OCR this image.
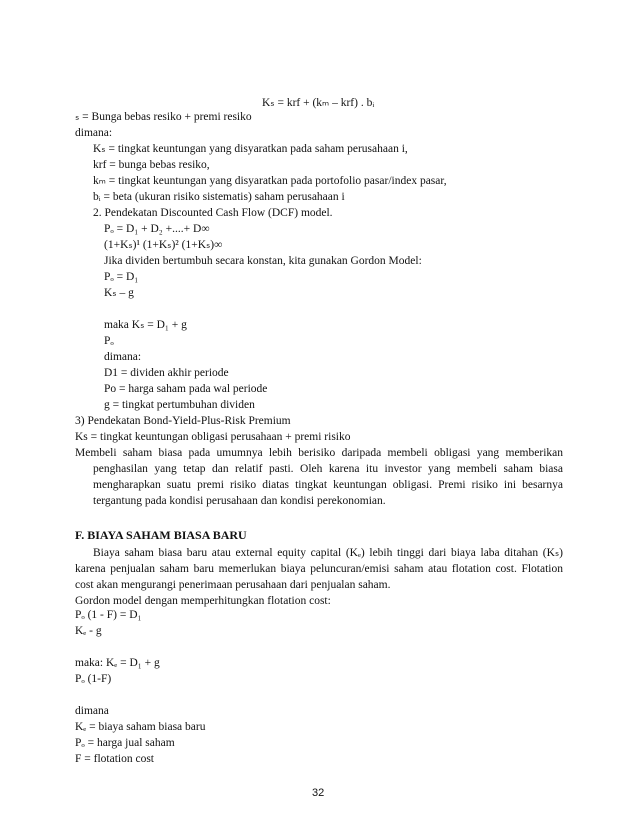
Kₛ = krf + (kₘ – krf) . bᵢ
ₛ = Bunga bebas resiko + premi resiko
dimana:
Kₛ = tingkat keuntungan yang disyaratkan pada saham perusahaan i,
krf = bunga bebas resiko,
kₘ = tingkat keuntungan yang disyaratkan pada portofolio pasar/index pasar,
bᵢ = beta (ukuran risiko sistematis) saham perusahaan i
2. Pendekatan Discounted Cash Flow (DCF) model.
Pₒ = D₁ + D₂ +....+ D∞
(1+Kₛ)¹ (1+Kₛ)² (1+Kₛ)∞
Jika dividen bertumbuh secara konstan, kita gunakan Gordon Model:
Pₒ = D₁
Kₛ – g
maka Kₛ = D₁ + g
Pₒ
dimana:
D1 = dividen akhir periode
Po = harga saham pada wal periode
g = tingkat pertumbuhan dividen
3) Pendekatan Bond-Yield-Plus-Risk Premium
Ks = tingkat keuntungan obligasi perusahaan + premi risiko
Membeli saham biasa pada umumnya lebih berisiko daripada membeli obligasi yang memberikan
penghasilan yang tetap dan relatif pasti. Oleh karena itu investor yang membeli saham biasa
mengharapkan suatu premi risiko diatas tingkat keuntungan obligasi. Premi risiko ini besarnya
tergantung pada kondisi perusahaan dan kondisi perekonomian.
F. BIAYA SAHAM BIASA BARU
Biaya saham biasa baru atau external equity capital (Kₑ) lebih tinggi dari biaya laba ditahan (Kₛ)
karena penjualan saham baru memerlukan biaya peluncuran/emisi saham atau flotation cost. Flotation
cost akan mengurangi penerimaan perusahaan dari penjualan saham.
Gordon model dengan memperhitungkan flotation cost:
Pₒ (1 - F) = D₁
Kₑ - g
maka: Kₑ = D₁ + g
Pₒ (1-F)
dimana
Kₑ = biaya saham biasa baru
Pₒ = harga jual saham
F = flotation cost
32
